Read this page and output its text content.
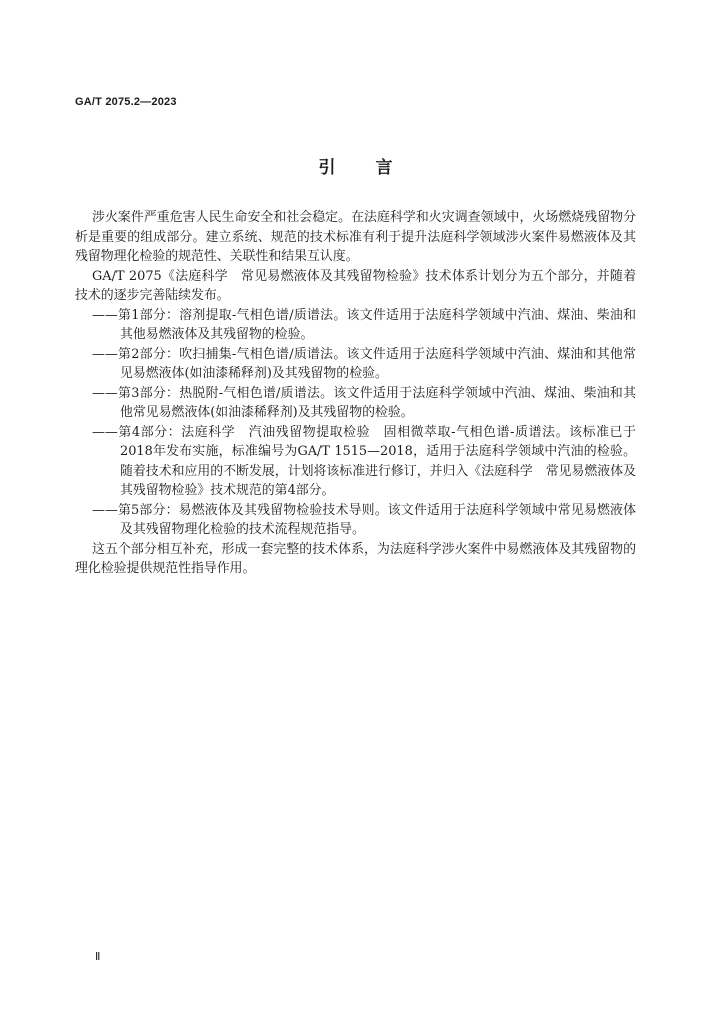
GA/T 2075.2—2023
引言

涉火案件严重危害人民生命安全和社会稳定。在法庭科学和火灾调查领域中，火场燃烧残留物分析是重要的组成部分。建立系统、规范的技术标准有利于提升法庭科学领域涉火案件易燃液体及其残留物理化检验的规范性、关联性和结果互认度。

GA/T 2075《法庭科学　常见易燃液体及其残留物检验》技术体系计划分为五个部分，并随着技术的逐步完善陆续发布。

——第1部分：溶剂提取-气相色谱/质谱法。该文件适用于法庭科学领域中汽油、煤油、柴油和其他易燃液体及其残留物的检验。

——第2部分：吹扫捕集-气相色谱/质谱法。该文件适用于法庭科学领域中汽油、煤油和其他常见易燃液体(如油漆稀释剂)及其残留物的检验。

——第3部分：热脱附-气相色谱/质谱法。该文件适用于法庭科学领域中汽油、煤油、柴油和其他常见易燃液体(如油漆稀释剂)及其残留物的检验。

——第4部分：法庭科学　汽油残留物提取检验　固相微萃取-气相色谱-质谱法。该标准已于2018年发布实施，标准编号为GA/T 1515—2018，适用于法庭科学领域中汽油的检验。随着技术和应用的不断发展，计划将该标准进行修订，并归入《法庭科学　常见易燃液体及其残留物检验》技术规范的第4部分。

——第5部分：易燃液体及其残留物检验技术导则。该文件适用于法庭科学领域中常见易燃液体及其残留物理化检验的技术流程规范指导。

这五个部分相互补充，形成一套完整的技术体系，为法庭科学涉火案件中易燃液体及其残留物的理化检验提供规范性指导作用。

Ⅱ
